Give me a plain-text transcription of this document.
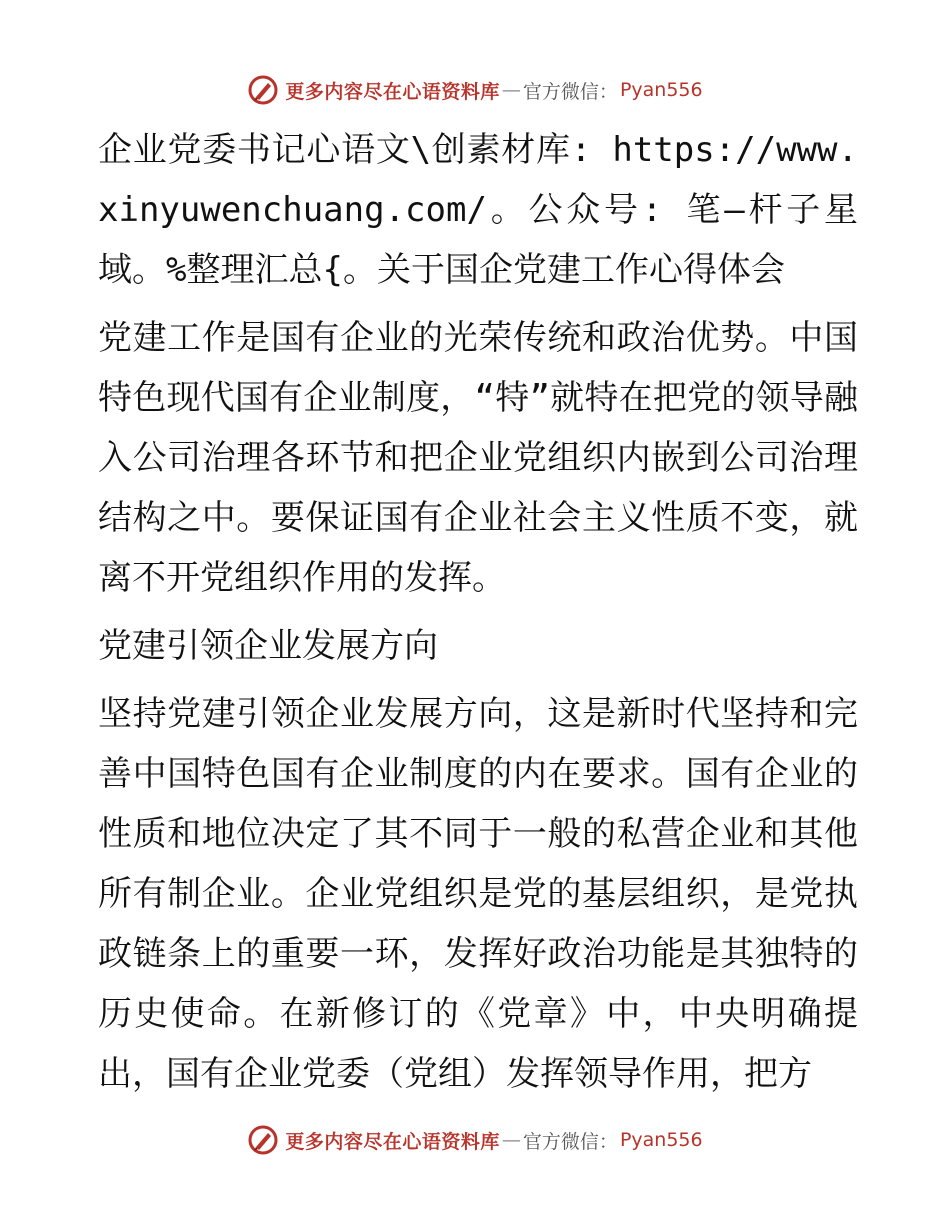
更多内容尽在心语资料库 — 官方微信： Pyan556

企业党委书记心语文\创素材库: https://www.xinyuwenchuang.com/。公众号: 笔—杆子星域。%整理汇总{。关于国企党建工作心得体会

党建工作是国有企业的光荣传统和政治优势。中国特色现代国有企业制度，“特”就特在把党的领导融入公司治理各环节和把企业党组织内嵌到公司治理结构之中。要保证国有企业社会主义性质不变，就离不开党组织作用的发挥。

党建引领企业发展方向

坚持党建引领企业发展方向，这是新时代坚持和完善中国特色国有企业制度的内在要求。国有企业的性质和地位决定了其不同于一般的私营企业和其他所有制企业。企业党组织是党的基层组织，是党执政链条上的重要一环，发挥好政治功能是其独特的历史使命。在新修订的《党章》中，中央明确提出，国有企业党委（党组）发挥领导作用，把方

更多内容尽在心语资料库 — 官方微信： Pyan556
